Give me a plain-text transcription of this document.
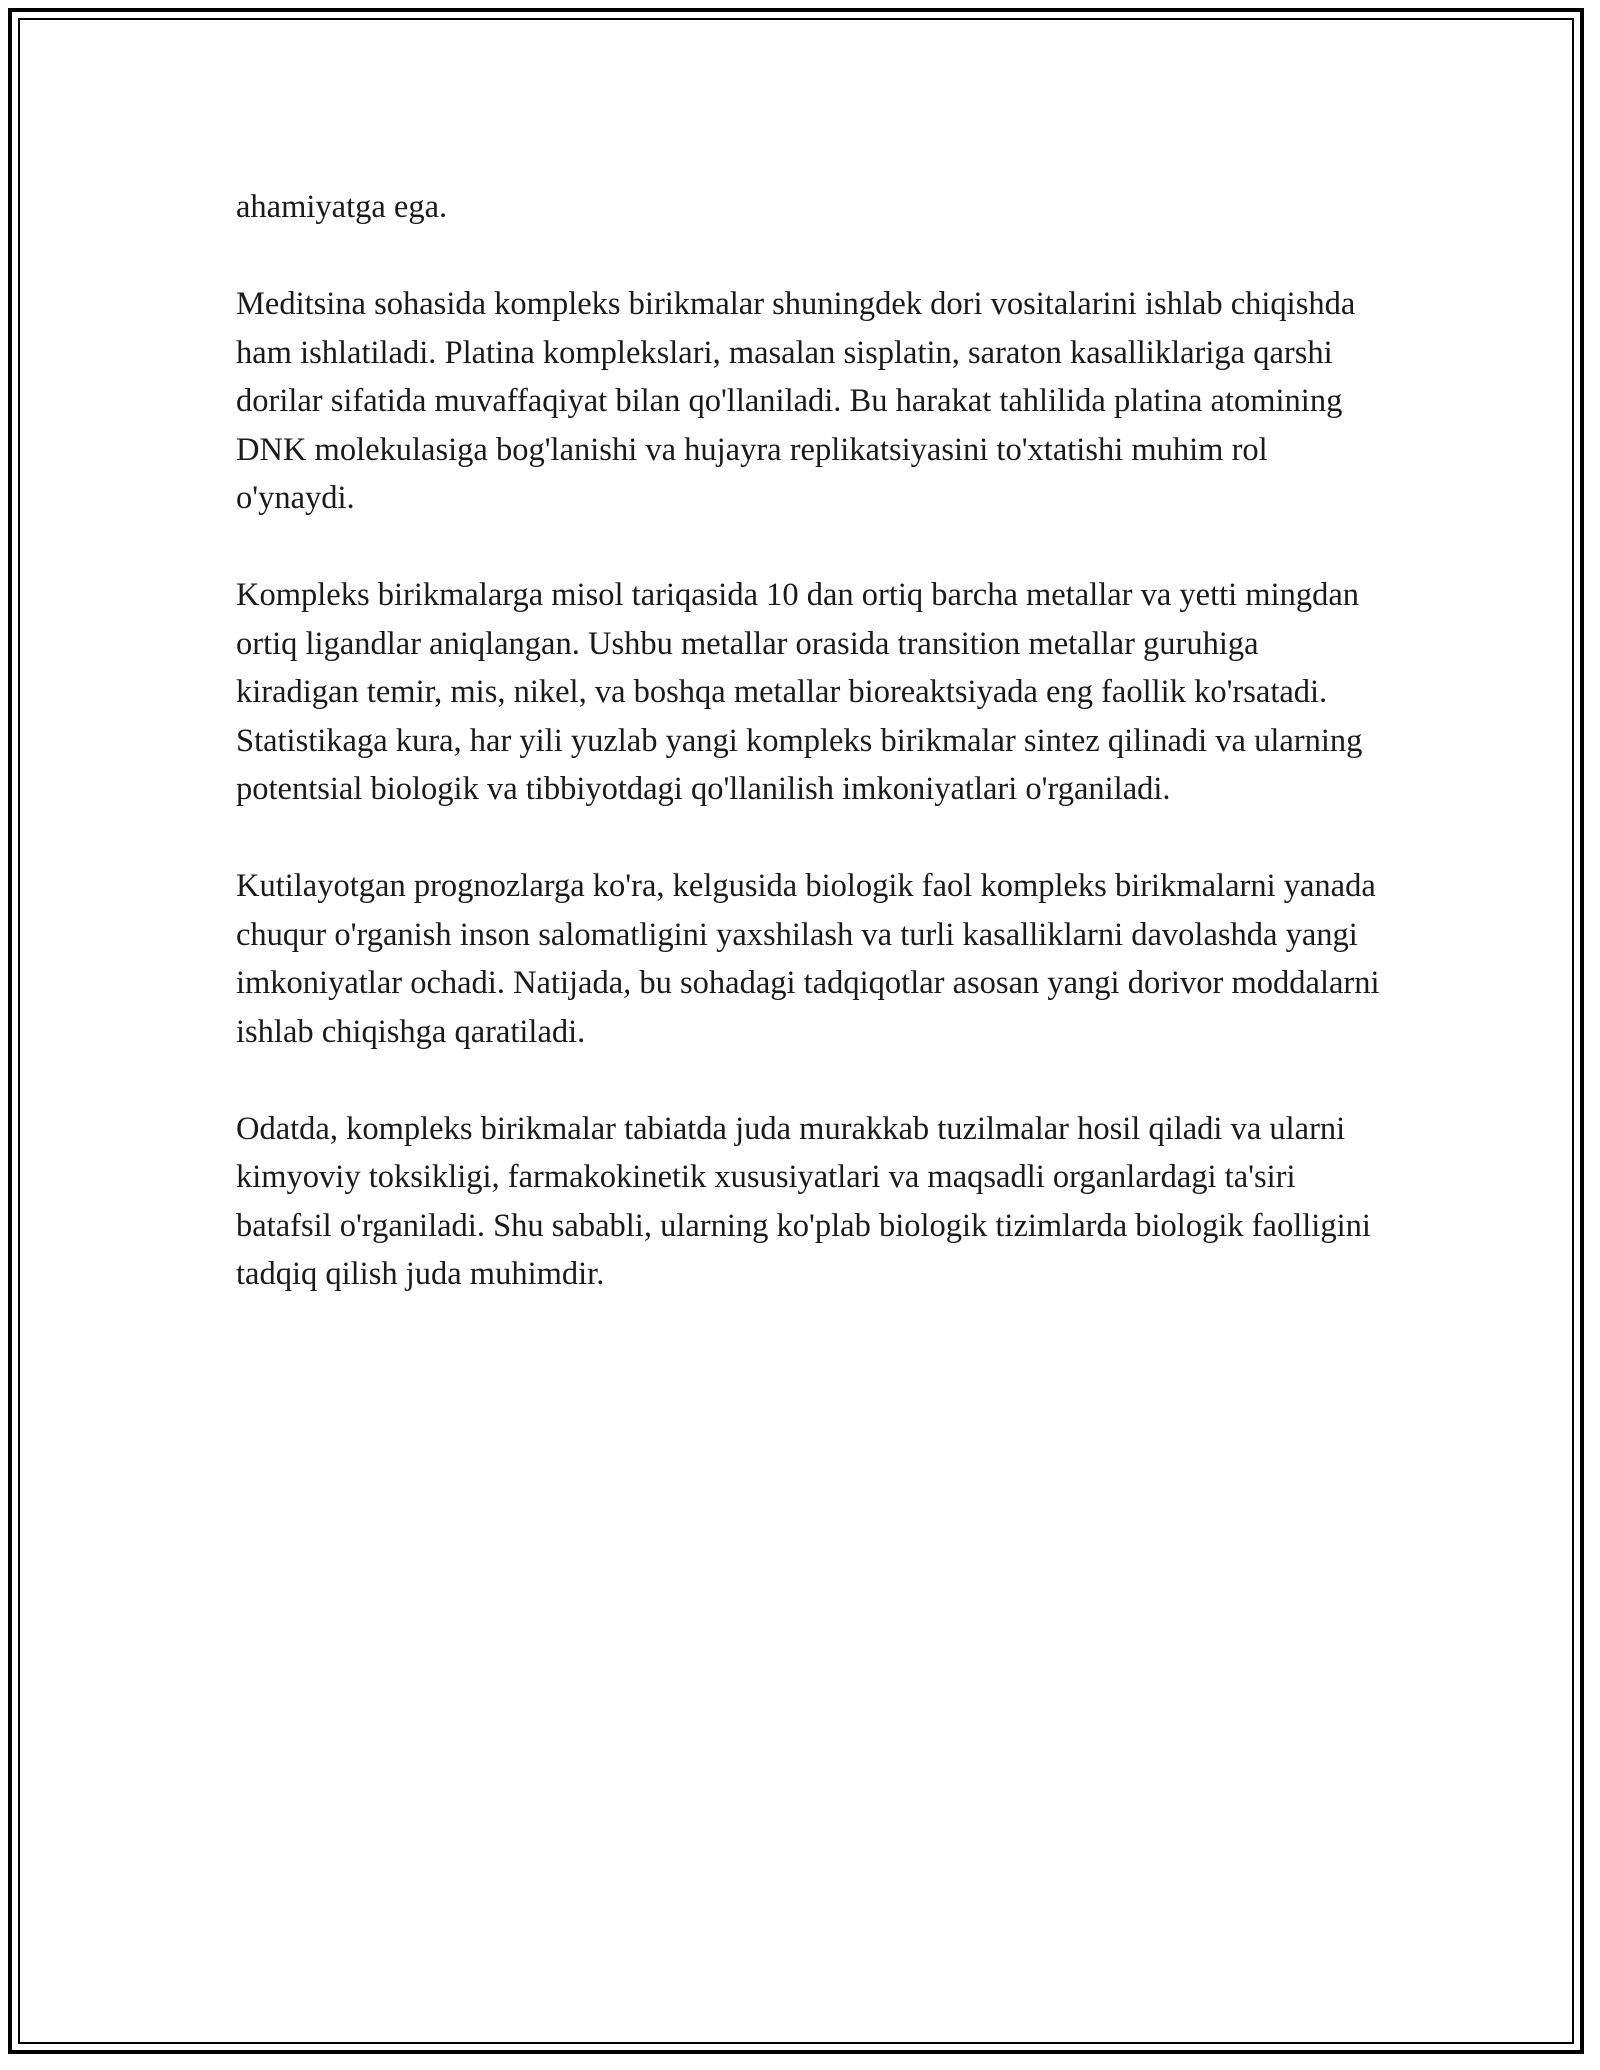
ahamiyatga ega.

Meditsina sohasida kompleks birikmalar shuningdek dori vositalarini ishlab chiqishda ham ishlatiladi. Platina komplekslari, masalan sisplatin, saraton kasalliklariga qarshi dorilar sifatida muvaffaqiyat bilan qo'llaniladi. Bu harakat tahlilida platina atomining DNK molekulasiga bog'lanishi va hujayra replikatsiyasini to'xtatishi muhim rol o'ynaydi.

Kompleks birikmalarga misol tariqasida 10 dan ortiq barcha metallar va yetti mingdan ortiq ligandlar aniqlangan. Ushbu metallar orasida transition metallar guruhiga kiradigan temir, mis, nikel, va boshqa metallar bioreaktsiyada eng faollik ko'rsatadi. Statistikaga kura, har yili yuzlab yangi kompleks birikmalar sintez qilinadi va ularning potentsial biologik va tibbiyotdagi qo'llanilish imkoniyatlari o'rganiladi.

Kutilayotgan prognozlarga ko'ra, kelgusida biologik faol kompleks birikmalarni yanada chuqur o'rganish inson salomatligini yaxshilash va turli kasalliklarni davolashda yangi imkoniyatlar ochadi. Natijada, bu sohadagi tadqiqotlar asosan yangi dorivor moddalarni ishlab chiqishga qaratiladi.

Odatda, kompleks birikmalar tabiatda juda murakkab tuzilmalar hosil qiladi va ularni kimyoviy toksikligi, farmakokinetik xususiyatlari va maqsadli organlardagi ta'siri batafsil o'rganiladi. Shu sababli, ularning ko'plab biologik tizimlarda biologik faolligini tadqiq qilish juda muhimdir.
